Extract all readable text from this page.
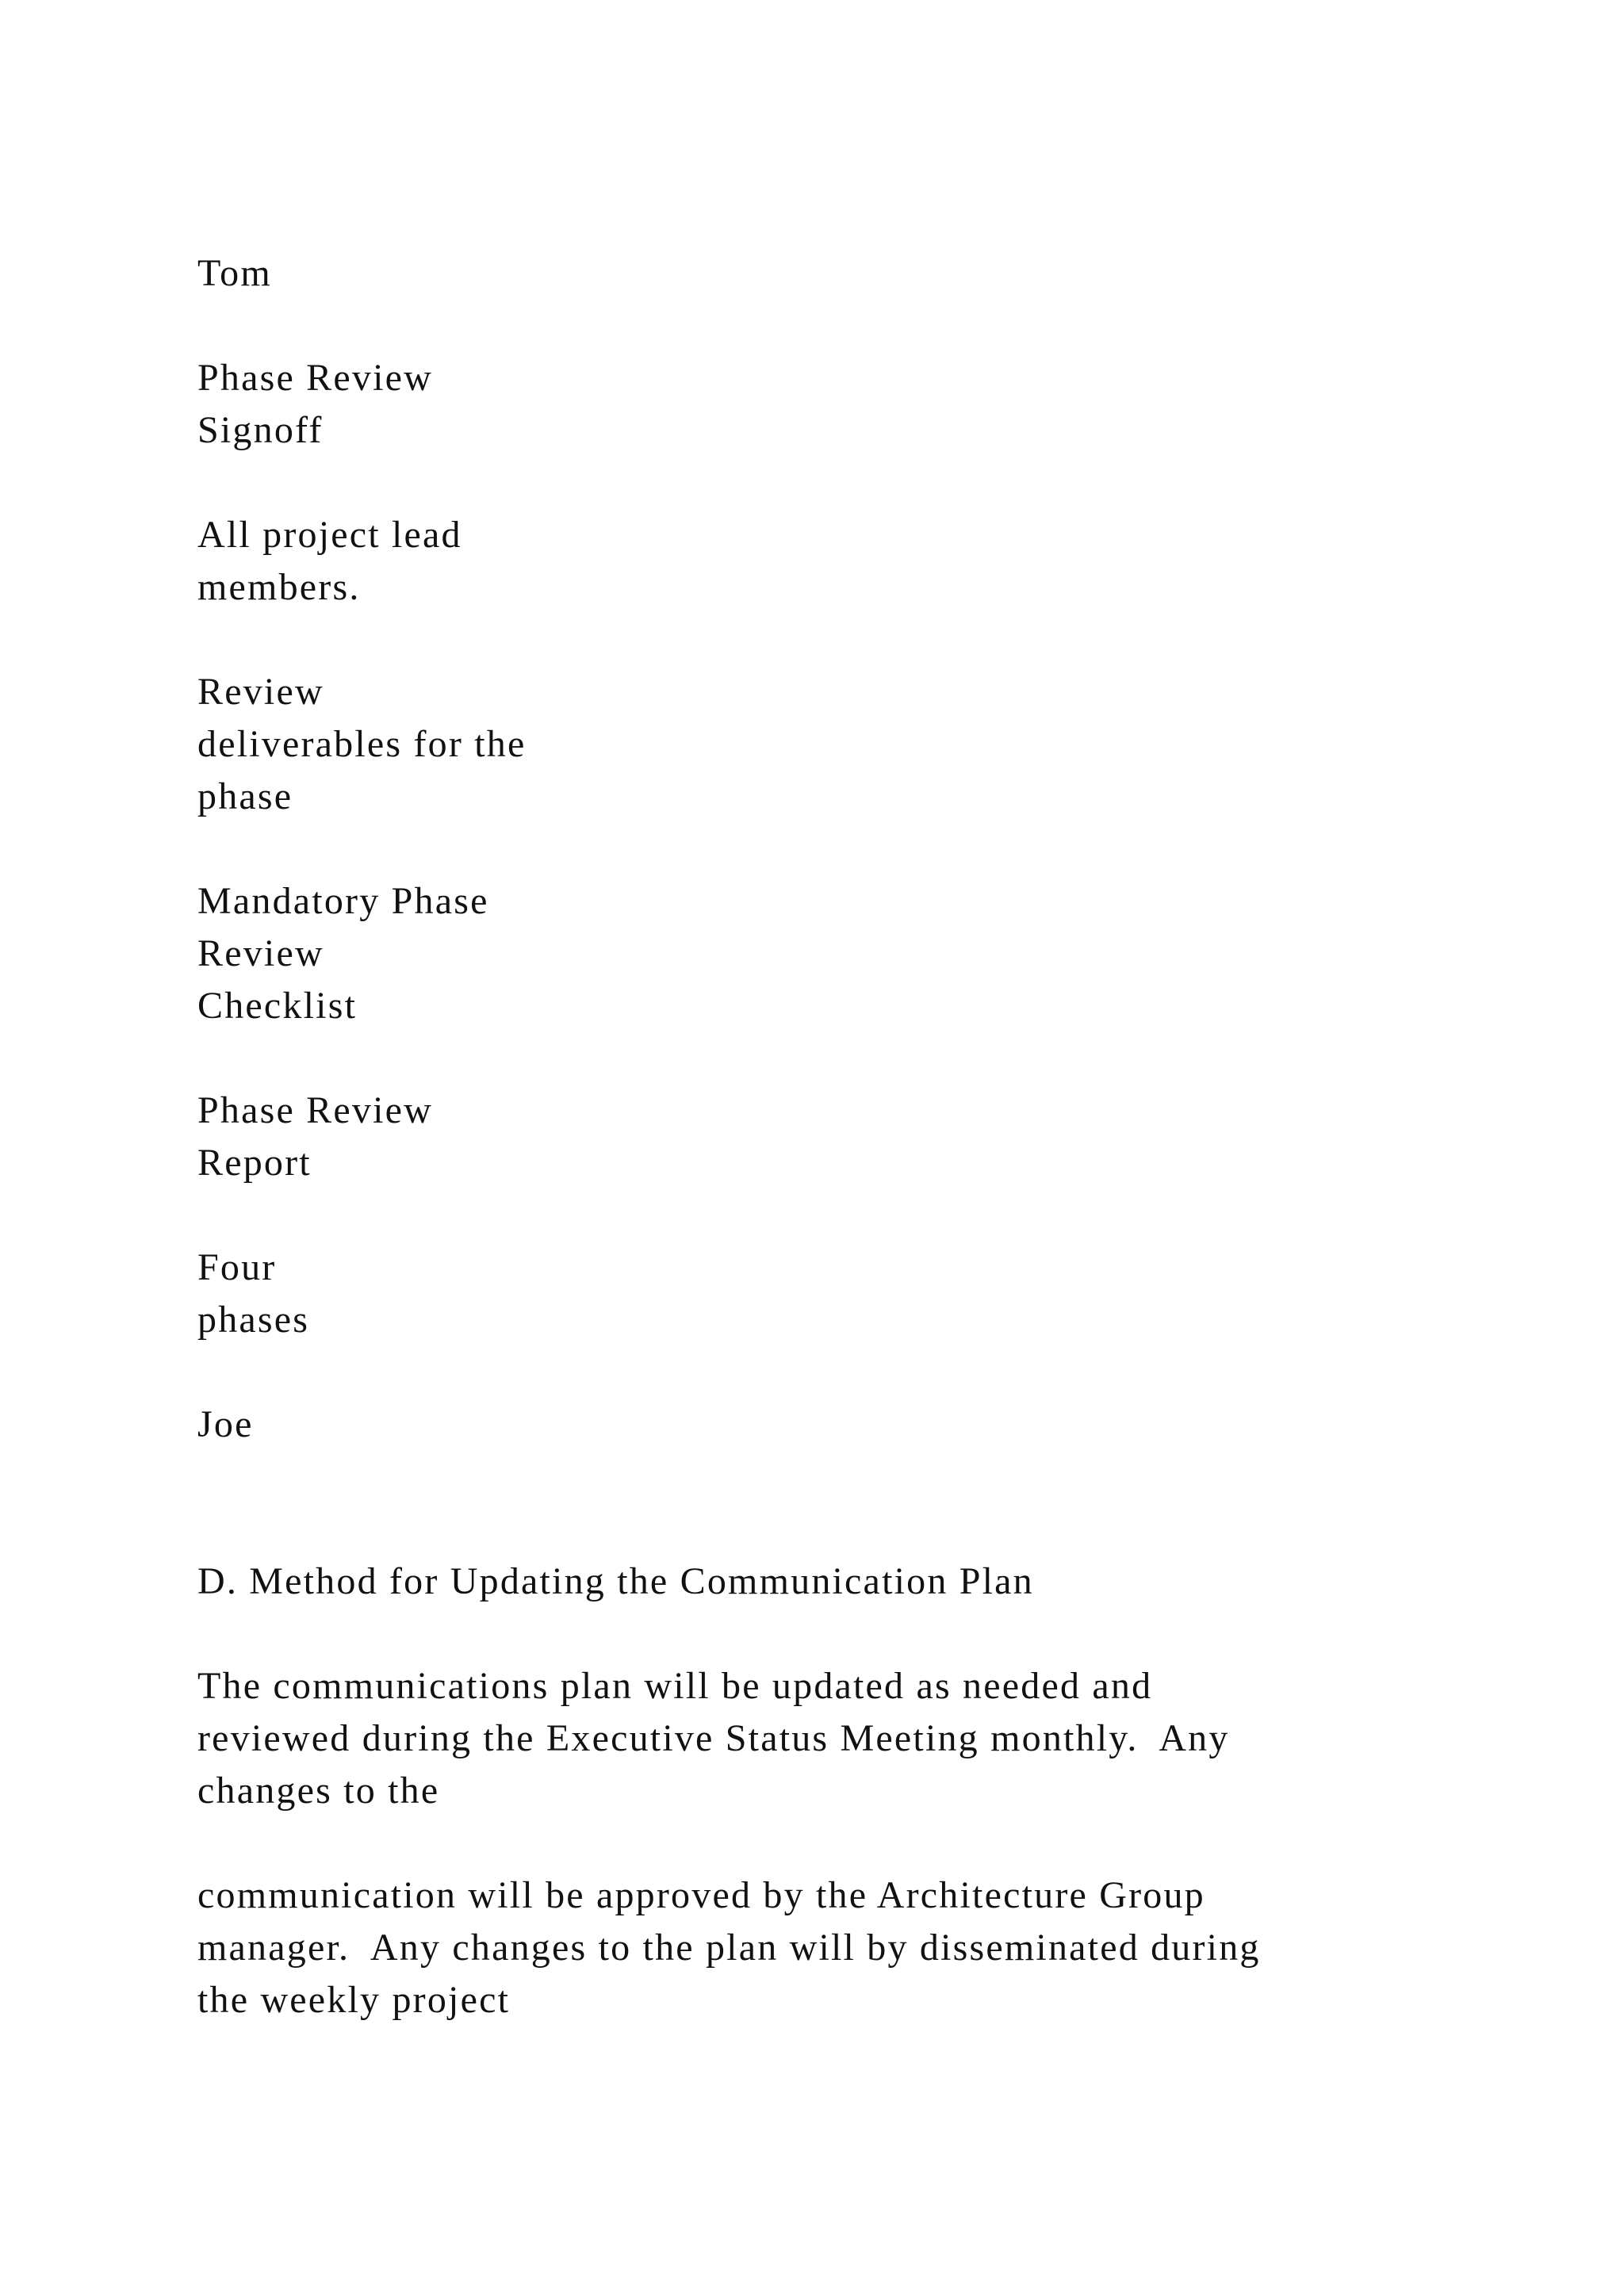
Tom
Phase Review
Signoff
All project lead
members.
Review
deliverables for the
phase
Mandatory Phase
Review
Checklist
Phase Review
Report
Four
phases
Joe
D. Method for Updating the Communication Plan
The communications plan will be updated as needed and
reviewed during the Executive Status Meeting monthly.  Any
changes to the
communication will be approved by the Architecture Group
manager.  Any changes to the plan will by disseminated during
the weekly project
